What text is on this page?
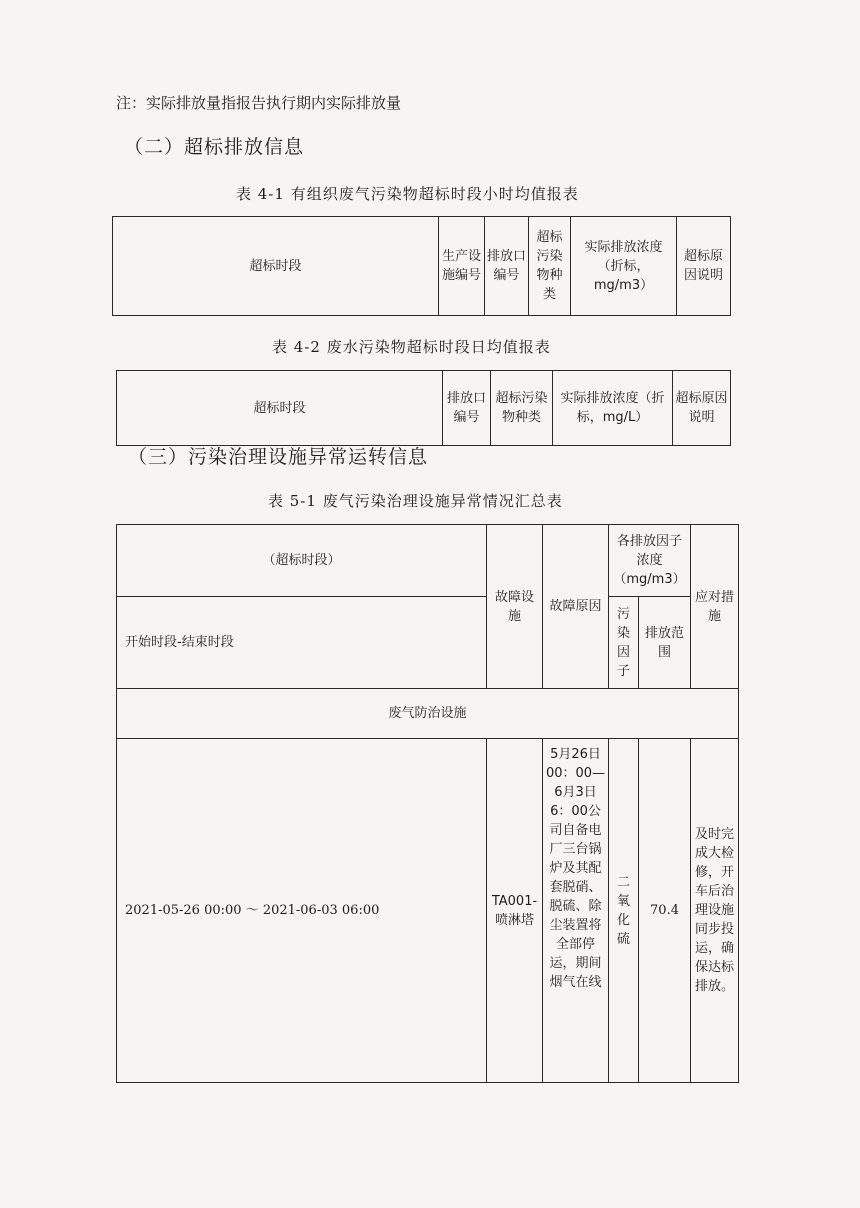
注：实际排放量指报告执行期内实际排放量
（二）超标排放信息
表 4-1 有组织废气污染物超标时段小时均值报表
超标时段	生产设施编号	排放口编号	超标污染物种类	实际排放浓度（折标，mg/m3）	超标原因说明
表 4-2 废水污染物超标时段日均值报表
超标时段	排放口编号	超标污染物种类	实际排放浓度（折标，mg/L）	超标原因说明
（三）污染治理设施异常运转信息
表 5-1 废气污染治理设施异常情况汇总表
（超标时段）	故障设施	故障原因	各排放因子浓度（mg/m3）		应对措施
开始时段-结束时段			污染因子	排放范围	
废气防治设施					
2021-05-26 00:00 ～ 2021-06-03 06:00	TA001-喷淋塔	5月26日00：00—6月3日6：00公司自备电厂三台锅炉及其配套脱硝、脱硫、除尘装置将全部停运，期间烟气在线	二氧化硫	70.4	及时完成大检修，开车后治理设施同步投运，确保达标排放。
